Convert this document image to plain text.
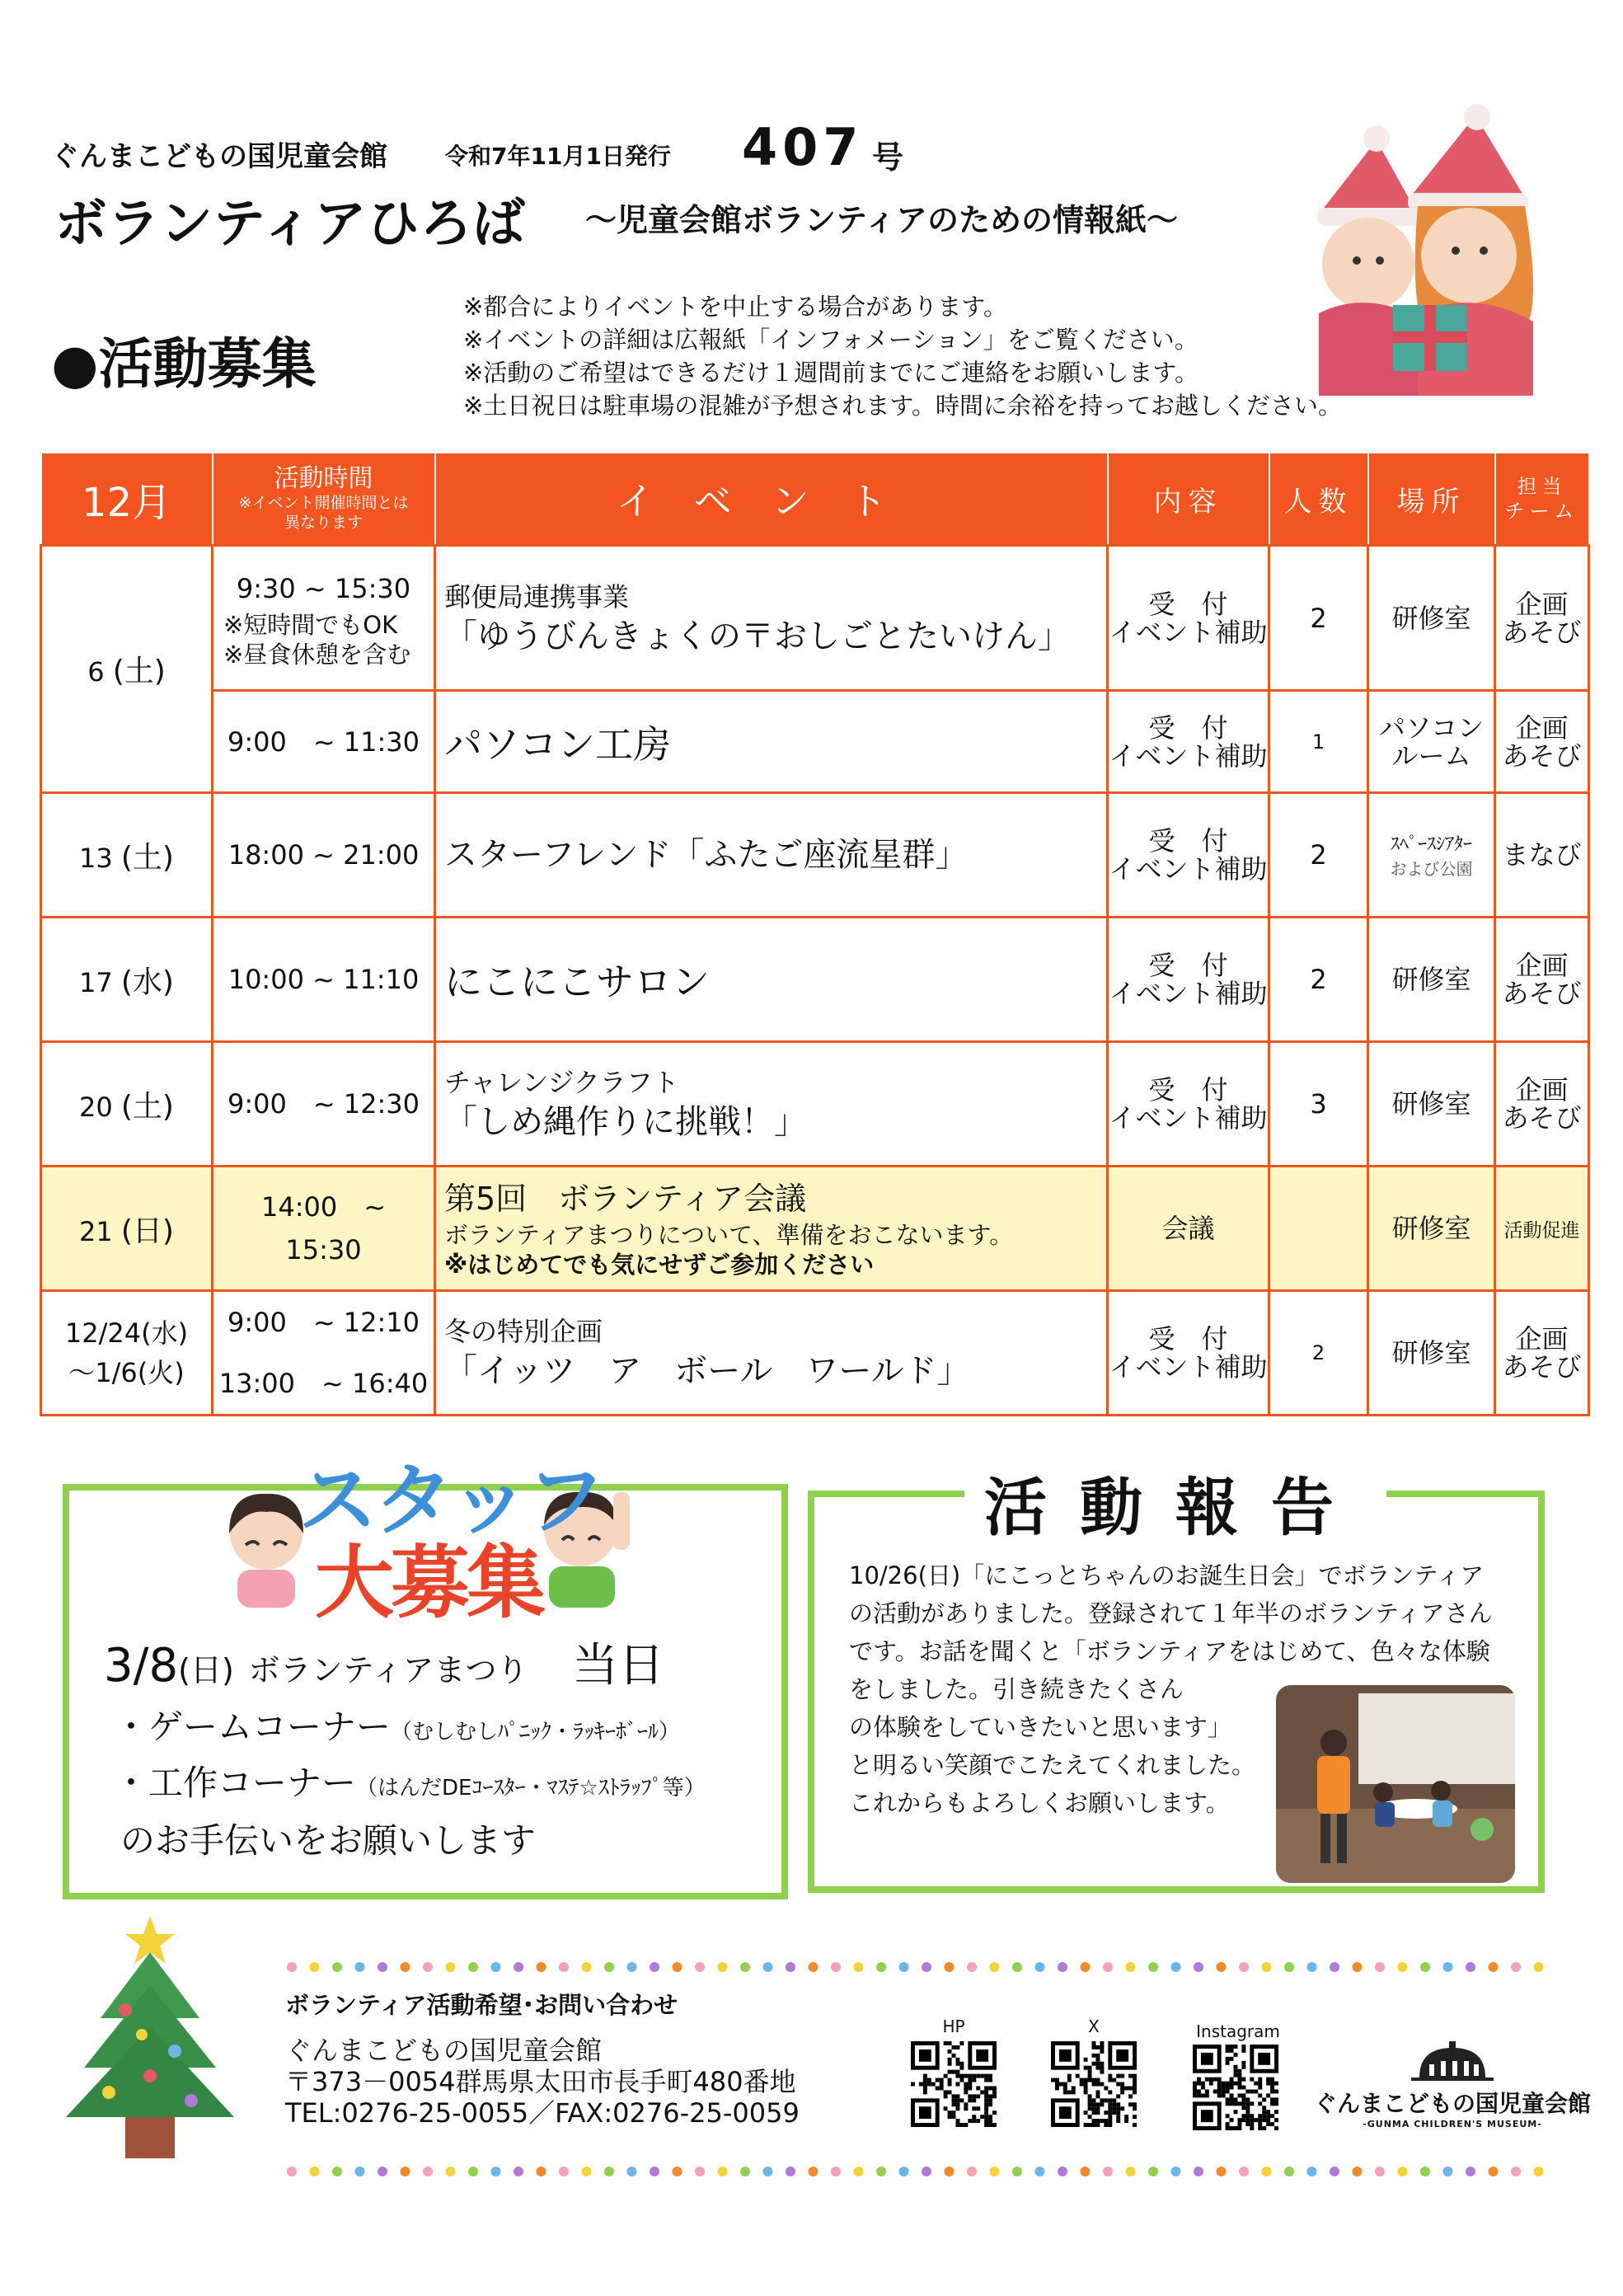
ぐんまこどもの国児童会館	令和7年11月1日発行 407 号
ボランティアひろば ～児童会館ボランティアのための情報紙～
●活動募集
※都合によりイベントを中止する場合があります。
※イベントの詳細は広報紙「インフォメーション」をご覧ください。
※活動のご希望はできるだけ１週間前までにご連絡をお願いします。
※土日祝日は駐車場の混雑が予想されます。時間に余裕を持ってお越しください。
12月	活動時間
※イベント開催時間とは
異なります	イベント	内容	人数	場所	担当
チーム

6 (土)	9:30 ~ 15:30
※短時間でもOK
※昼食休憩を含む	郵便局連携事業
「ゆうびんきょくの〒おしごとたいけん」	受　付
イベント補助	2	研修室	企画
あそび

	9:00　~ 11:30	パソコン工房	受　付
イベント補助	1	パソコン
ルーム	企画
あそび

13 (土)	18:00 ~ 21:00	スターフレンド「ふたご座流星群」	受　付
イベント補助	2	ｽﾍﾟｰｽｼｱﾀｰ
および公園	まなび
17 (水)	10:00 ~ 11:10	にこにこサロン	受　付
イベント補助	2	研修室	企画
あそび

20 (土)	9:00　~ 12:30	チャレンジクラフト
「しめ縄作りに挑戦！」	受　付
イベント補助	3	研修室	企画
あそび

21 (日)	14:00　~　15:30	第5回　ボランティア会議
ボランティアまつりについて、準備をおこないます。
※はじめてでも気にせずご参加ください	会議		研修室	活動促進

12/24(水)
～1/6(火)	9:00　~ 12:10
13:00　~ 16:40	冬の特別企画
「イッツ　ア　ボール　ワールド」	受　付
イベント補助	2	研修室	企画
あそび
スタッフ
大募集
3/8(日) ボランティアまつり 当日
・ゲームコーナー（むしむしﾊﾟﾆｯｸ・ﾗｯｷｰﾎﾞｰﾙ）
・工作コーナー（はんだDEｺｰｽﾀｰ・ﾏｽﾃ☆ｽﾄﾗｯﾌﾟ等）
のお手伝いをお願いします
活動報告
10/26(日)「にこっとちゃんのお誕生日会」でボランティア
の活動がありました。登録されて１年半のボランティアさん
です。お話を聞くと「ボランティアをはじめて、色々な体験
をしました。引き続きたくさん
の体験をしていきたいと思います」
と明るい笑顔でこたえてくれました。
これからもよろしくお願いします。
ボランティア活動希望･お問い合わせ
ぐんまこどもの国児童会館
〒373－0054群馬県太田市長手町480番地
TEL:0276-25-0055／FAX:0276-25-0059
HP	X	Instagram
ぐんまこどもの国児童会館
-GUNMA CHILDREN'S MUSEUM-
